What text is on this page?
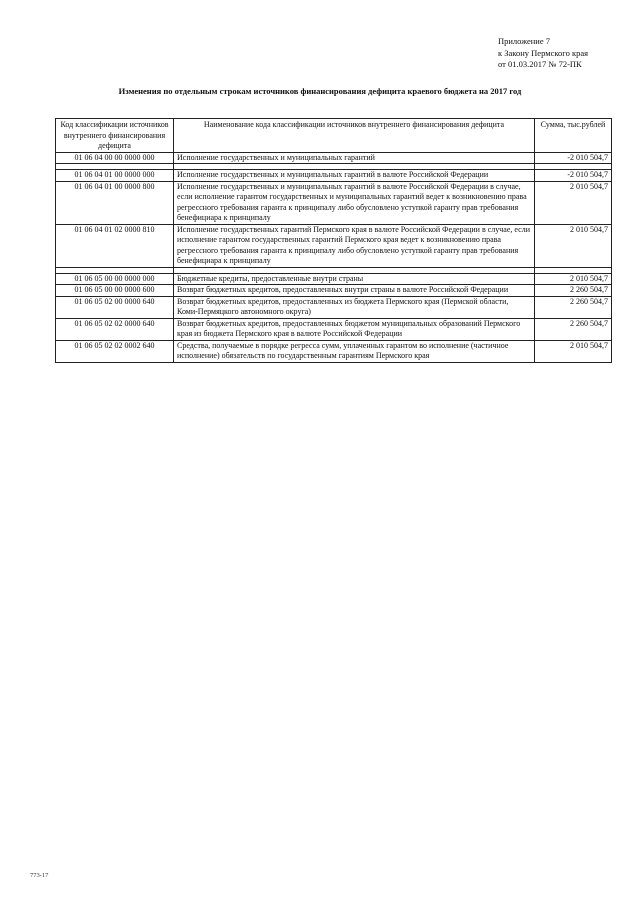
Приложение 7
к Закону Пермского края
от 01.03.2017 № 72-ПК
Изменения по отдельным строкам источников финансирования дефицита краевого бюджета на 2017 год
Код классификации источников внутреннего финансирования дефицита	Наименование кода классификации источников внутреннего финансирования дефицита	Сумма, тыс.рублей
01 06 04 00 00 0000 000	Исполнение государственных и муниципальных гарантий	-2 010 504,7

01 06 04 01 00 0000 000	Исполнение государственных и муниципальных гарантий в валюте Российской Федерации	-2 010 504,7
01 06 04 01 00 0000 800	Исполнение государственных и муниципальных гарантий в валюте Российской Федерации в случае, если исполнение гарантом государственных и муниципальных гарантий ведет к возникновению права регрессного требования гаранта к принципалу либо обусловлено уступкой гаранту прав требования бенефициара к принципалу	2 010 504,7
01 06 04 01 02 0000 810	Исполнение государственных гарантий Пермского края в валюте Российской Федерации в случае, если исполнение гарантом государственных гарантий Пермского края ведет к возникновению права регрессного требования гаранта к принципалу либо обусловлено уступкой гаранту прав требования бенефициара к принципалу	2 010 504,7

01 06 05 00 00 0000 000	Бюджетные кредиты, предоставленные внутри страны	2 010 504,7
01 06 05 00 00 0000 600	Возврат бюджетных кредитов, предоставленных внутри страны в валюте Российской Федерации	2 260 504,7
01 06 05 02 00 0000 640	Возврат бюджетных кредитов, предоставленных из бюджета Пермского края (Пермской области, Коми-Пермяцкого автономного округа)	2 260 504,7
01 06 05 02 02 0000 640	Возврат бюджетных кредитов, предоставленных бюджетом муниципальных образований Пермского края из бюджета Пермского края в валюте Российской Федерации	2 260 504,7
01 06 05 02 02 0002 640	Средства, получаемые в порядке регресса сумм, уплаченных гарантом во исполнение (частичное исполнение) обязательств по государственным гарантиям Пермского края	2 010 504,7
773-17
